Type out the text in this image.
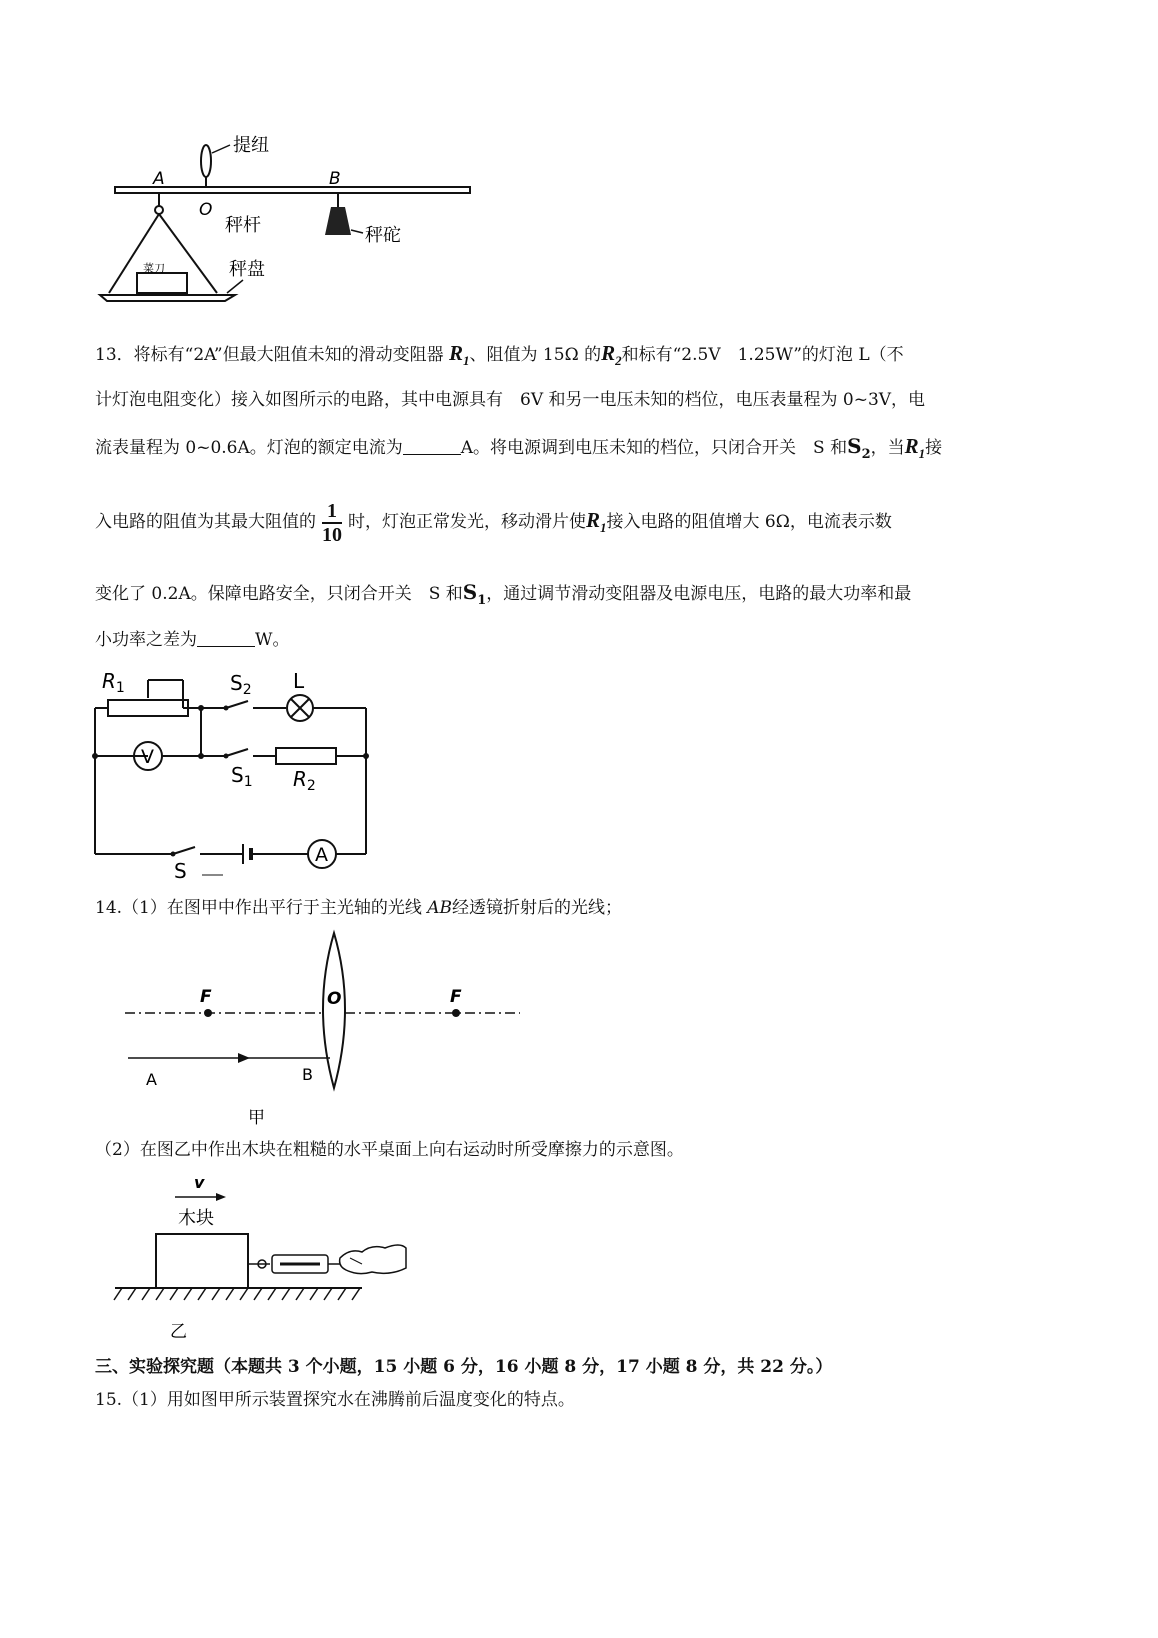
提纽
A
O
B
秤杆	秤砣
菜刀	秤盘
13．将标有“2A”但最大阻值未知的滑动变阻器 $R_1$、阻值为 15Ω 的$R_2$和标有“2.5V　1.25W”的灯泡 L（不
计灯泡电阻变化）接入如图所示的电路，其中电源具有　6V 和另一电压未知的档位，电压表量程为 0~3V，电
流表量程为 0~0.6A。灯泡的额定电流为	A。将电源调到电压未知的档位，只闭合开关　S 和$S_2$，当$R_1$接
入电路的阻值为其最大阻值的 $\frac{1}{10}$ 时，灯泡正常发光，移动滑片使$R_1$接入电路的阻值增大 6Ω，电流表示数
变化了 0.2A。保障电路安全，只闭合开关　S 和$S_1$，通过调节滑动变阻器及电源电压，电路的最大功率和最
小功率之差为	W。
$R_1$	$S_2$ L
V
$S_1$ $R_2$
S
A
14.（1）在图甲中作出平行于主光轴的光线 AB经透镜折射后的光线；
F	O	F
A	B
甲
（2）在图乙中作出木块在粗糙的水平桌面上向右运动时所受摩擦力的示意图。
v
木块
乙
三、实验探究题（本题共 3 个小题，15 小题 6 分，16 小题 8 分，17 小题 8 分，共 22 分。）
15.（1）用如图甲所示装置探究水在沸腾前后温度变化的特点。
